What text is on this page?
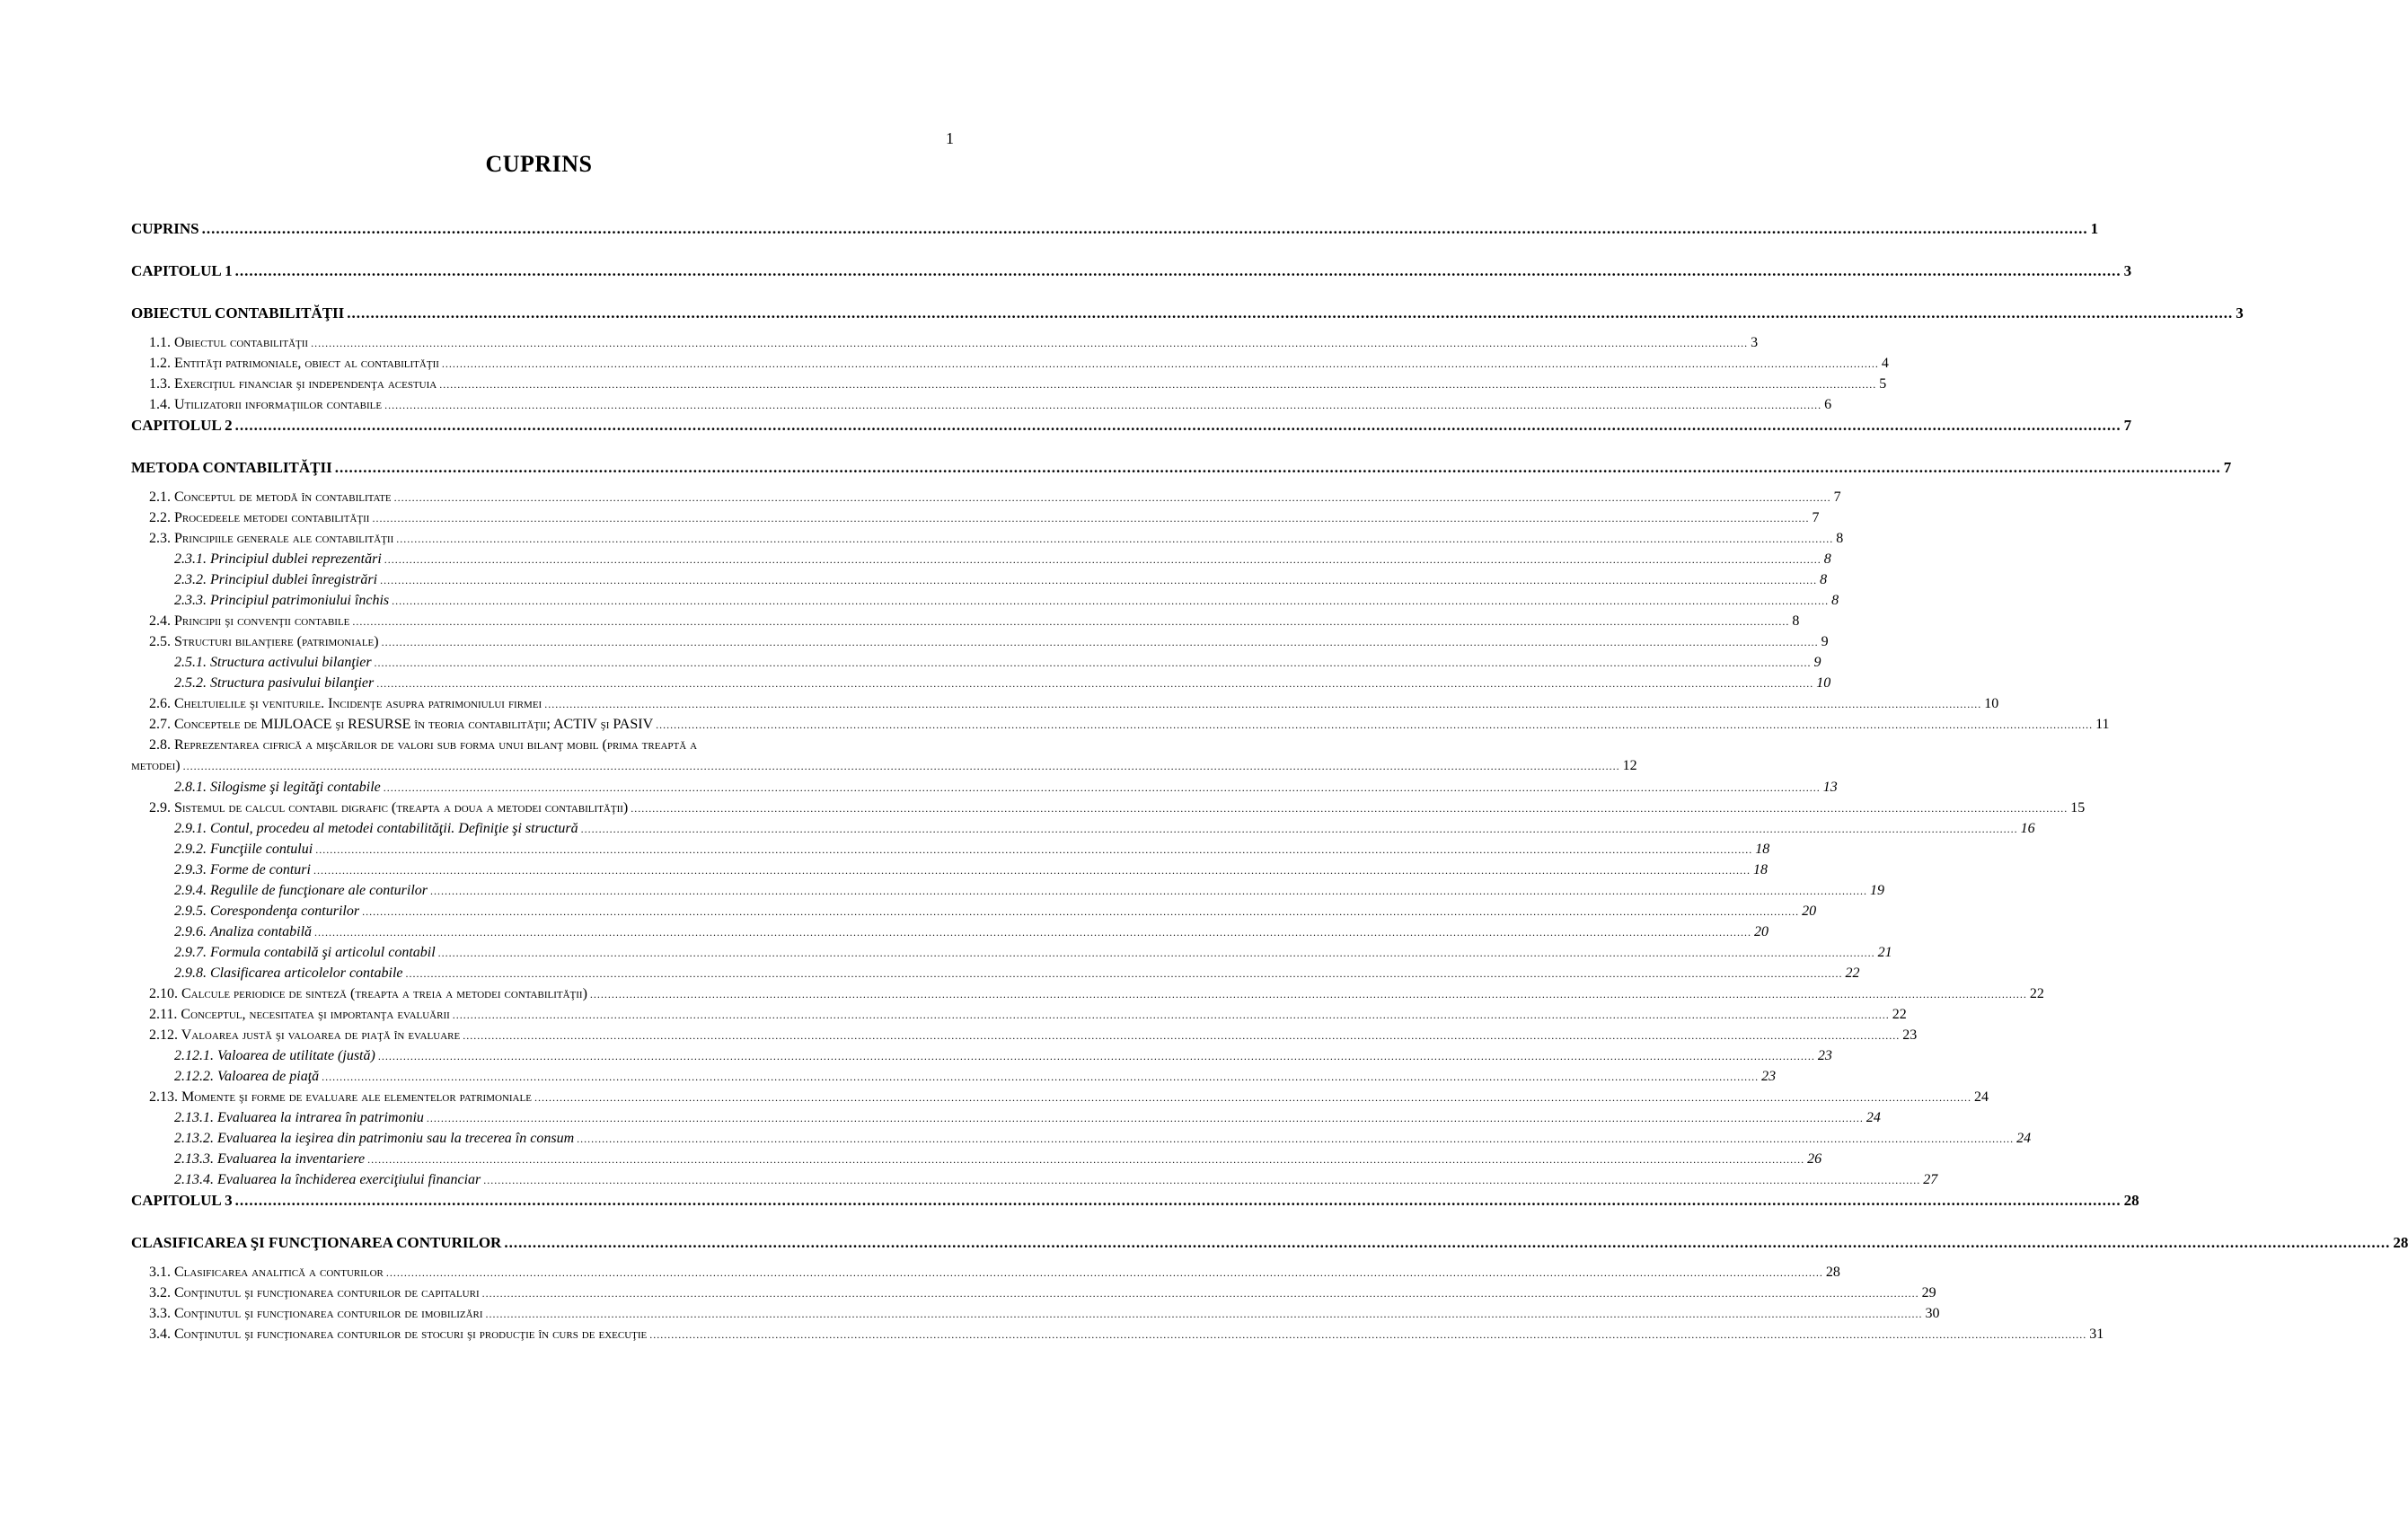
1
CUPRINS
CUPRINS ................................................................................................................................................................................................................................................................................................................................................................................................................ 1
CAPITOLUL 1 ................................................................................................................................................................................................................................................................................................................................................................................................................ 3
OBIECTUL CONTABILITĂŢII ................................................................................................................................................................................................................................................................................................................................................................................................................ 3
1.1. Obiectul contabilităţii ................................................................................................................................................................................................................................................................................................................................................................................................................ 3
1.2. Entităţi patrimoniale, obiect al contabilităţii ................................................................................................................................................................................................................................................................................................................................................................................................................ 4
1.3. Exerciţiul financiar şi independenţa acestuia ................................................................................................................................................................................................................................................................................................................................................................................................................ 5
1.4. Utilizatorii informaţiilor contabile ................................................................................................................................................................................................................................................................................................................................................................................................................ 6
CAPITOLUL 2 ................................................................................................................................................................................................................................................................................................................................................................................................................ 7
METODA CONTABILITĂŢII ................................................................................................................................................................................................................................................................................................................................................................................................................ 7
2.1. Conceptul de metodă în contabilitate ................................................................................................................................................................................................................................................................................................................................................................................................................ 7
2.2. Procedeele metodei contabilităţii ................................................................................................................................................................................................................................................................................................................................................................................................................ 7
2.3. Principiile generale ale contabilităţii ................................................................................................................................................................................................................................................................................................................................................................................................................ 8
2.3.1. Principiul dublei reprezentări ................................................................................................................................................................................................................................................................................................................................................................................................................ 8
2.3.2. Principiul dublei înregistrări ................................................................................................................................................................................................................................................................................................................................................................................................................ 8
2.3.3. Principiul patrimoniului închis ................................................................................................................................................................................................................................................................................................................................................................................................................ 8
2.4. Principii şi convenţii contabile ................................................................................................................................................................................................................................................................................................................................................................................................................ 8
2.5. Structuri bilanţiere (patrimoniale) ................................................................................................................................................................................................................................................................................................................................................................................................................ 9
2.5.1. Structura activului bilanţier ................................................................................................................................................................................................................................................................................................................................................................................................................ 9
2.5.2. Structura pasivului bilanţier ................................................................................................................................................................................................................................................................................................................................................................................................................ 10
2.6. Cheltuielile şi veniturile. Incidenţe asupra patrimoniului firmei ................................................................................................................................................................................................................................................................................................................................................................................................................ 10
2.7. Conceptele de MIJLOACE şi RESURSE în teoria contabilităţii; ACTIV şi PASIV ................................................................................................................................................................................................................................................................................................................................................................................................................ 11
2.8. Reprezentarea cifrică a mişcărilor de valori sub forma unui bilanţ mobil (prima treaptă a
metodei) ................................................................................................................................................................................................................................................................................................................................................................................................................ 12
2.8.1. Silogisme şi legităţi contabile ................................................................................................................................................................................................................................................................................................................................................................................................................ 13
2.9. Sistemul de calcul contabil digrafic (treapta a doua a metodei contabilităţii) ................................................................................................................................................................................................................................................................................................................................................................................................................ 15
2.9.1. Contul, procedeu al metodei contabilităţii. Definiţie şi structură ................................................................................................................................................................................................................................................................................................................................................................................................................ 16
2.9.2. Funcţiile contului ................................................................................................................................................................................................................................................................................................................................................................................................................ 18
2.9.3. Forme de conturi ................................................................................................................................................................................................................................................................................................................................................................................................................ 18
2.9.4. Regulile de funcţionare ale conturilor ................................................................................................................................................................................................................................................................................................................................................................................................................ 19
2.9.5. Corespondenţa conturilor ................................................................................................................................................................................................................................................................................................................................................................................................................ 20
2.9.6. Analiza contabilă ................................................................................................................................................................................................................................................................................................................................................................................................................ 20
2.9.7. Formula contabilă şi articolul contabil ................................................................................................................................................................................................................................................................................................................................................................................................................ 21
2.9.8. Clasificarea articolelor contabile ................................................................................................................................................................................................................................................................................................................................................................................................................ 22
2.10. Calcule periodice de sinteză (treapta a treia a metodei contabilităţii) ................................................................................................................................................................................................................................................................................................................................................................................................................ 22
2.11. Conceptul, necesitatea şi importanţa evaluării ................................................................................................................................................................................................................................................................................................................................................................................................................ 22
2.12. Valoarea justă şi valoarea de piaţă în evaluare ................................................................................................................................................................................................................................................................................................................................................................................................................ 23
2.12.1. Valoarea de utilitate (justă) ................................................................................................................................................................................................................................................................................................................................................................................................................ 23
2.12.2. Valoarea de piaţă ................................................................................................................................................................................................................................................................................................................................................................................................................ 23
2.13. Momente şi forme de evaluare ale elementelor patrimoniale ................................................................................................................................................................................................................................................................................................................................................................................................................ 24
2.13.1. Evaluarea la intrarea în patrimoniu ................................................................................................................................................................................................................................................................................................................................................................................................................ 24
2.13.2. Evaluarea la ieşirea din patrimoniu sau la trecerea în consum ................................................................................................................................................................................................................................................................................................................................................................................................................ 24
2.13.3. Evaluarea la inventariere ................................................................................................................................................................................................................................................................................................................................................................................................................ 26
2.13.4. Evaluarea la închiderea exerciţiului financiar ................................................................................................................................................................................................................................................................................................................................................................................................................ 27
CAPITOLUL 3 ................................................................................................................................................................................................................................................................................................................................................................................................................ 28
CLASIFICAREA ŞI FUNCŢIONAREA CONTURILOR ................................................................................................................................................................................................................................................................................................................................................................................................................ 28
3.1. Clasificarea analitică a conturilor ................................................................................................................................................................................................................................................................................................................................................................................................................ 28
3.2. Conţinutul şi funcţionarea conturilor de capitaluri ................................................................................................................................................................................................................................................................................................................................................................................................................ 29
3.3. Conţinutul şi funcţionarea conturilor de imobilizări ................................................................................................................................................................................................................................................................................................................................................................................................................ 30
3.4. Conţinutul şi funcţionarea conturilor de stocuri şi producţie în curs de execuţie ................................................................................................................................................................................................................................................................................................................................................................................................................ 31
